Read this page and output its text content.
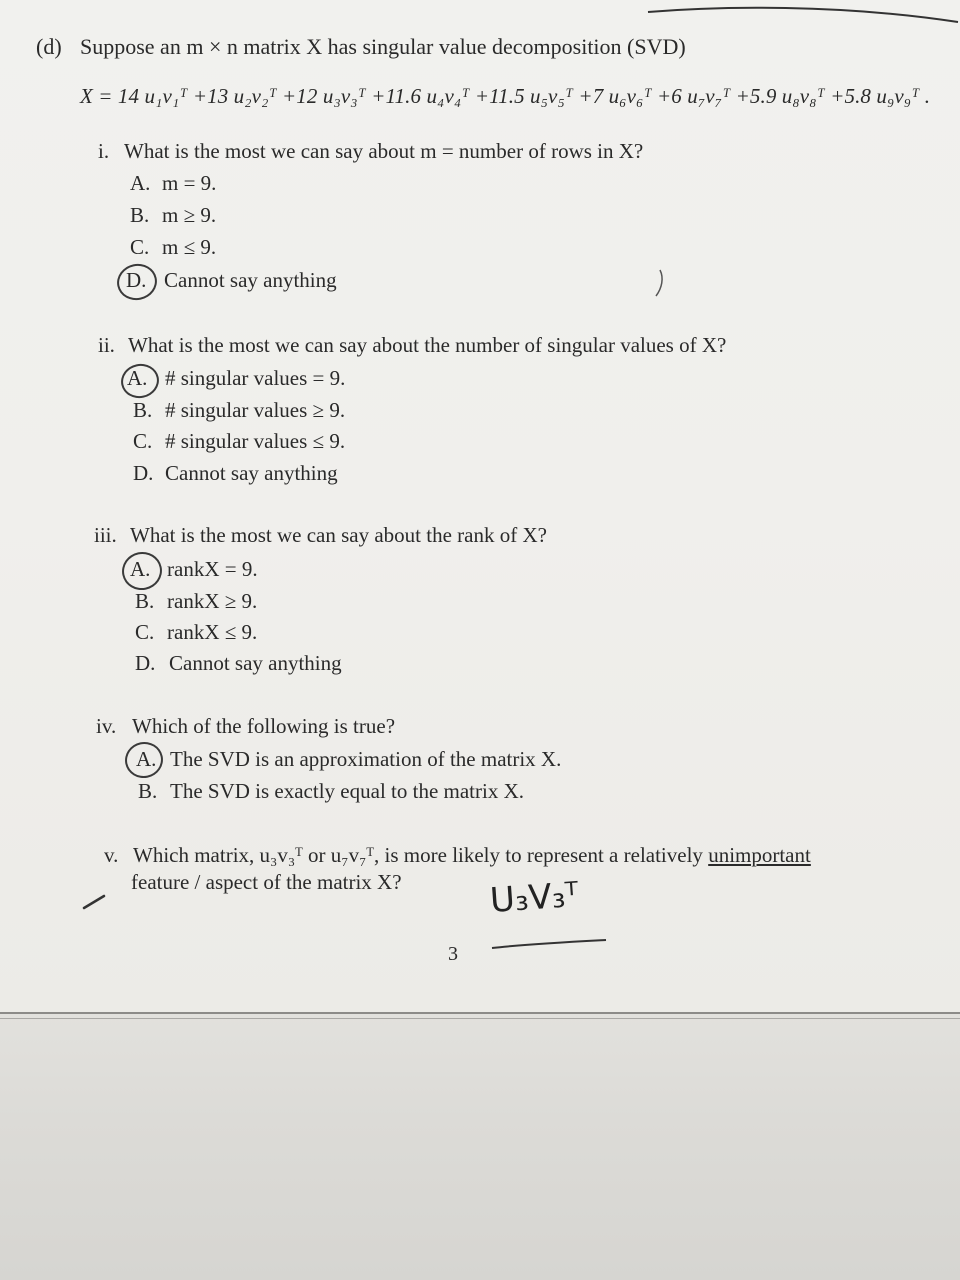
(d) Suppose an m × n matrix X has singular value decomposition (SVD)
X = 14 u₁v₁ᵀ +13 u₂v₂ᵀ +12 u₃v₃ᵀ +11.6 u₄v₄ᵀ +11.5 u₅v₅ᵀ +7 u₆v₆ᵀ +6 u₇v₇ᵀ +5.9 u₈v₈ᵀ +5.8 u₉v₉ᵀ .
i. What is the most we can say about m = number of rows in X?
A. m = 9.
B. m ≥ 9.
C. m ≤ 9.
D. Cannot say anything
ii. What is the most we can say about the number of singular values of X?
A. # singular values = 9.
B. # singular values ≥ 9.
C. # singular values ≤ 9.
D. Cannot say anything
iii. What is the most we can say about the rank of X?
A. rankX = 9.
B. rankX ≥ 9.
C. rankX ≤ 9.
D. Cannot say anything
iv. Which of the following is true?
A. The SVD is an approximation of the matrix X.
B. The SVD is exactly equal to the matrix X.
v. Which matrix, u₃v₃ᵀ or u₇v₇ᵀ, is more likely to represent a relatively unimportant
feature / aspect of the matrix X?	U₃V₃ᵀ
3
